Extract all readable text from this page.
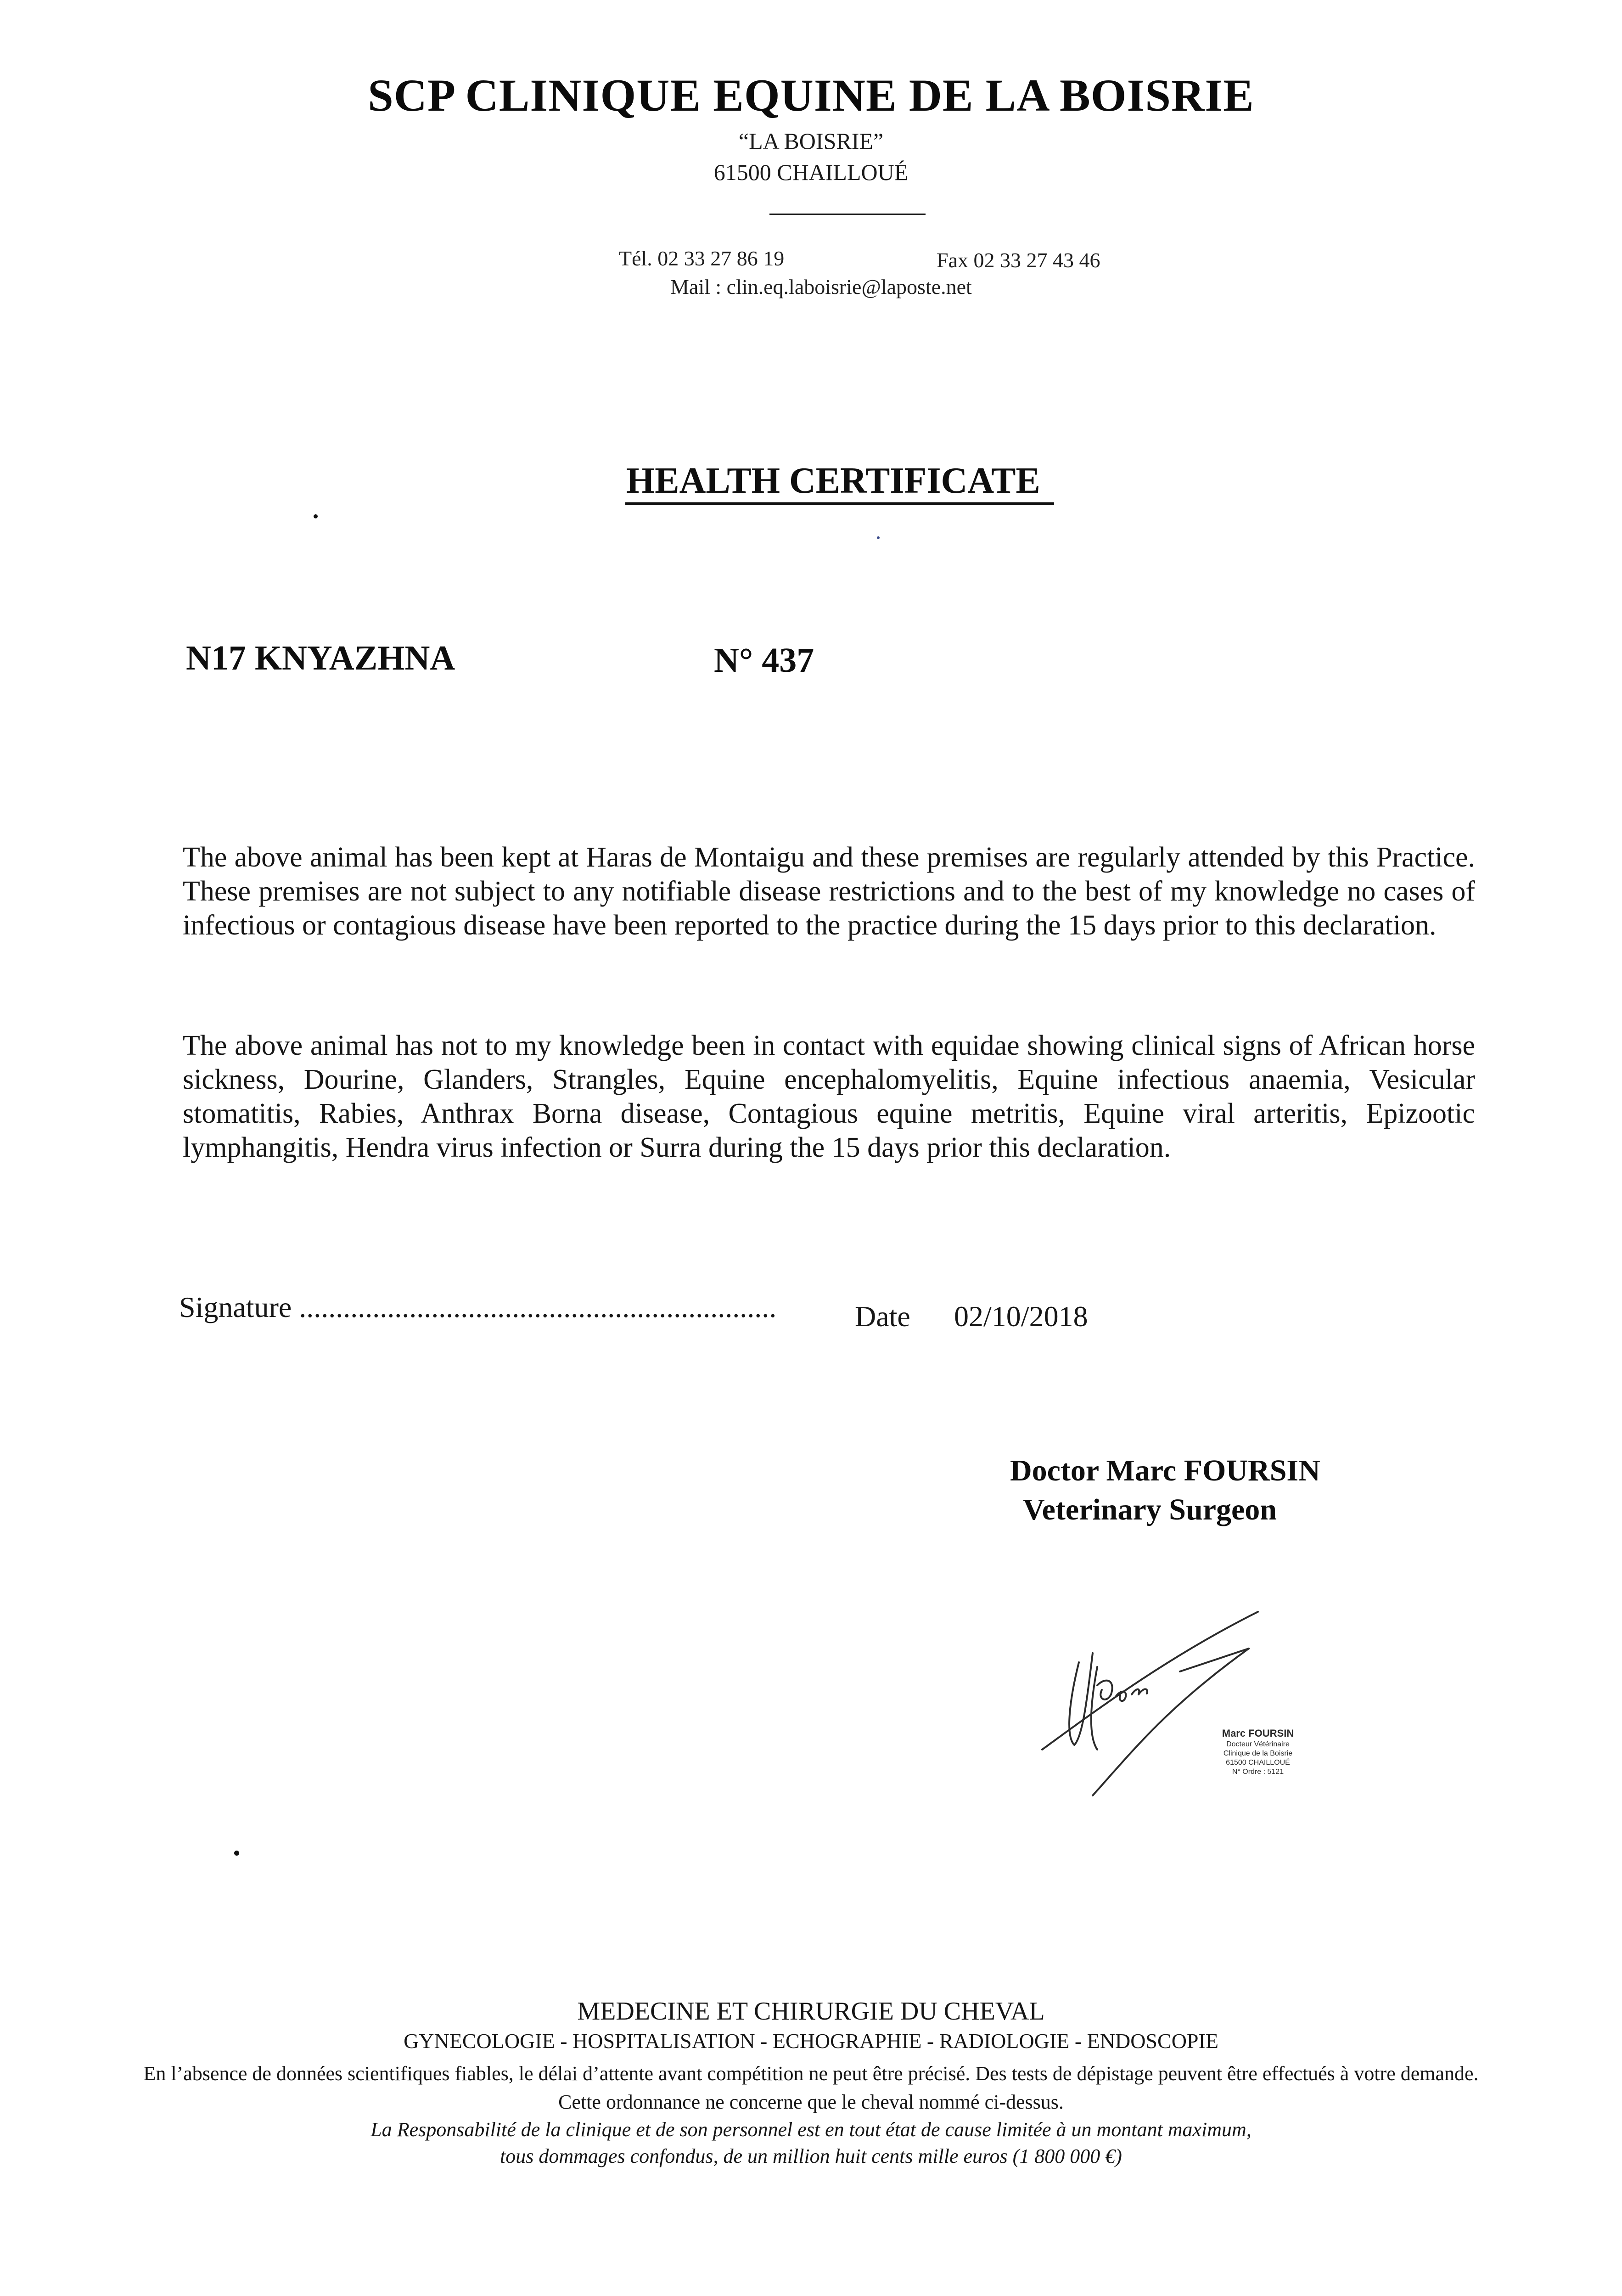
SCP CLINIQUE EQUINE DE LA BOISRIE
“LA BOISRIE”
61500 CHAILLOUÉ
Tél. 02 33 27 86 19	Fax 02 33 27 43 46
Mail : clin.eq.laboisrie@laposte.net
HEALTH CERTIFICATE
N17 KNYAZHNA	N° 437

The above animal has been kept at Haras de Montaigu and these premises are regularly attended by this Practice. These premises are not subject to any notifiable disease restrictions and to the best of my knowledge no cases of infectious or contagious disease have been reported to the practice during the 15 days prior to this declaration.

The above animal has not to my knowledge been in contact with equidae showing clinical signs of African horse sickness, Dourine, Glanders, Strangles, Equine encephalomyelitis, Equine infectious anaemia, Vesicular stomatitis, Rabies, Anthrax Borna disease, Contagious equine metritis, Equine viral arteritis, Epizootic lymphangitis, Hendra virus infection or Surra during the 15 days prior this declaration.

Signature .................................................................	Date 02/10/2018
Doctor Marc FOURSIN
Veterinary Surgeon
Marc FOURSIN
Docteur Vétérinaire
Clinique de la Boisrie
61500 CHAILLOUÉ
N° Ordre : 5121
MEDECINE ET CHIRURGIE DU CHEVAL
GYNECOLOGIE - HOSPITALISATION - ECHOGRAPHIE - RADIOLOGIE - ENDOSCOPIE
En l’absence de données scientifiques fiables, le délai d’attente avant compétition ne peut être précisé. Des tests de dépistage peuvent être effectués à votre demande.
Cette ordonnance ne concerne que le cheval nommé ci-dessus.
La Responsabilité de la clinique et de son personnel est en tout état de cause limitée à un montant maximum,
tous dommages confondus, de un million huit cents mille euros (1 800 000 €)
